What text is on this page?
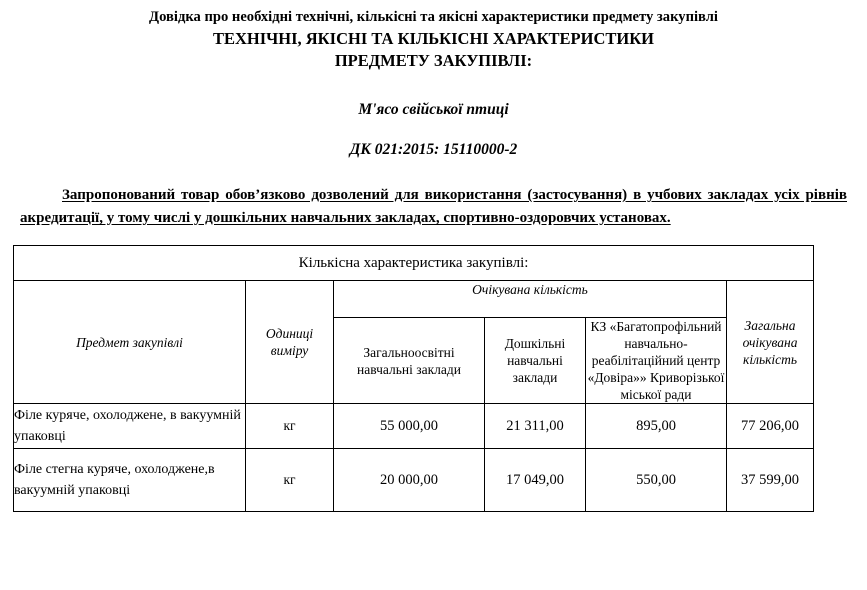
Довідка про необхідні технічні, кількісні та якісні характеристики предмету закупівлі
ТЕХНІЧНІ, ЯКІСНІ ТА КІЛЬКІСНІ ХАРАКТЕРИСТИКИ
ПРЕДМЕТУ ЗАКУПІВЛІ:
М'ясо свійської птиці
ДК 021:2015: 15110000-2
Запропонований товар обов’язково дозволений для використання (застосування) в учбових закладах усіх рівнів акредитації, у тому числі у дошкільних навчальних закладах, спортивно-оздоровчих установах.
Кількісна характеристика закупівлі:					
Предмет закупівлі	Одиниці виміру	Очікувана кількість			Загальна очікувана кількість
		Загальноосвітні навчальні заклади	Дошкільні навчальні заклади	КЗ «Багатопрофільний навчально-реабілітаційний центр «Довіра»» Криворізької міської ради	
Філе куряче, охолоджене, в вакуумній упаковці	кг	55 000,00	21 311,00	895,00	77 206,00
Філе стегна куряче, охолоджене,в вакуумній упаковці	кг	20 000,00	17 049,00	550,00	37 599,00
